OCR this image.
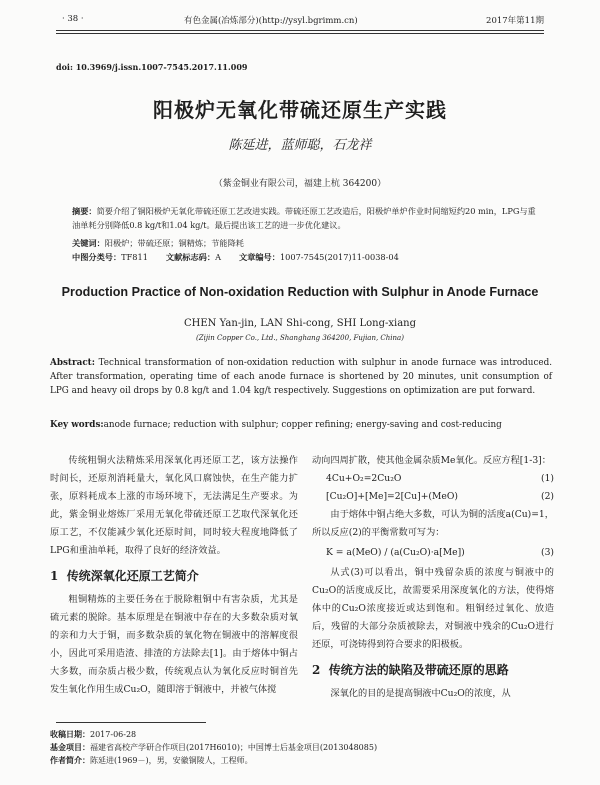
· 38 ·	有色金属(冶炼部分)(http://ysyl.bgrimm.cn)	2017年第11期
doi: 10.3969/j.issn.1007-7545.2017.11.009
阳极炉无氧化带硫还原生产实践
陈延进，蓝师聪，石龙祥
（紫金铜业有限公司，福建上杭 364200）
摘要：简要介绍了铜阳极炉无氧化带硫还原工艺改进实践。带硫还原工艺改造后，阳极炉单炉作业时间缩短约20 min，LPG与重油单耗分别降低0.8 kg/t和1.04 kg/t。最后提出该工艺的进一步优化建议。
关键词：阳极炉；带硫还原；铜精炼；节能降耗
中图分类号：TF811 文献标志码：A 文章编号：1007-7545(2017)11-0038-04
Production Practice of Non-oxidation Reduction with Sulphur in Anode Furnace
CHEN Yan-jin, LAN Shi-cong, SHI Long-xiang
(Zijin Copper Co., Ltd., Shanghang 364200, Fujian, China)
Abstract: Technical transformation of non-oxidation reduction with sulphur in anode furnace was introduced. After transformation, operating time of each anode furnace is shortened by 20 minutes, unit consumption of LPG and heavy oil drops by 0.8 kg/t and 1.04 kg/t respectively. Suggestions on optimization are put forward.
Key words:anode furnace; reduction with sulphur; copper refining; energy-saving and cost-reducing

传统粗铜火法精炼采用深氧化再还原工艺，该方法操作时间长，还原剂消耗量大，氧化风口腐蚀快，在生产能力扩张，原料耗成本上涨的市场环境下，无法满足生产要求。为此，紫金铜业熔炼厂采用无氧化带硫还原工艺取代深氧化还原工艺，不仅能减少氧化还原时间，同时较大程度地降低了LPG和重油单耗，取得了良好的经济效益。

1 传统深氧化还原工艺简介

粗铜精炼的主要任务在于脱除粗铜中有害杂质，尤其是硫元素的脱除。基本原理是在铜液中存在的大多数杂质对氧的亲和力大于铜，而多数杂质的氧化物在铜液中的溶解度很小，因此可采用造渣、排渣的方法除去[1]。由于熔体中铜占大多数，而杂质占极少数，传统观点认为氧化反应时铜首先发生氧化作用生成Cu₂O，随即溶于铜液中，并被气体搅

动向四周扩散，使其他金属杂质Me氧化。反应方程[1-3]：

4Cu+O₂=2Cu₂O	(1)
[Cu₂O]+[Me]=2[Cu]+(MeO)	(2)

由于熔体中铜占绝大多数，可认为铜的活度a(Cu)=1，所以反应(2)的平衡常数可写为：

K = a(MeO) / (a(Cu₂O)·a[Me])	(3)

从式(3)可以看出，铜中残留杂质的浓度与铜液中的Cu₂O的活度成反比，故需要采用深度氧化的方法，使得熔体中的Cu₂O浓度接近或达到饱和。粗铜经过氧化、放造后，残留的大部分杂质被除去，对铜液中残余的Cu₂O进行还原，可浇铸得到符合要求的阳极板。

2 传统方法的缺陷及带硫还原的思路

深氧化的目的是提高铜液中Cu₂O的浓度，从

收稿日期：2017-06-28
基金项目：福建省高校产学研合作项目(2017H6010)；中国博士后基金项目(2013048085)
作者简介：陈延进(1969－)，男，安徽铜陵人，工程师。
